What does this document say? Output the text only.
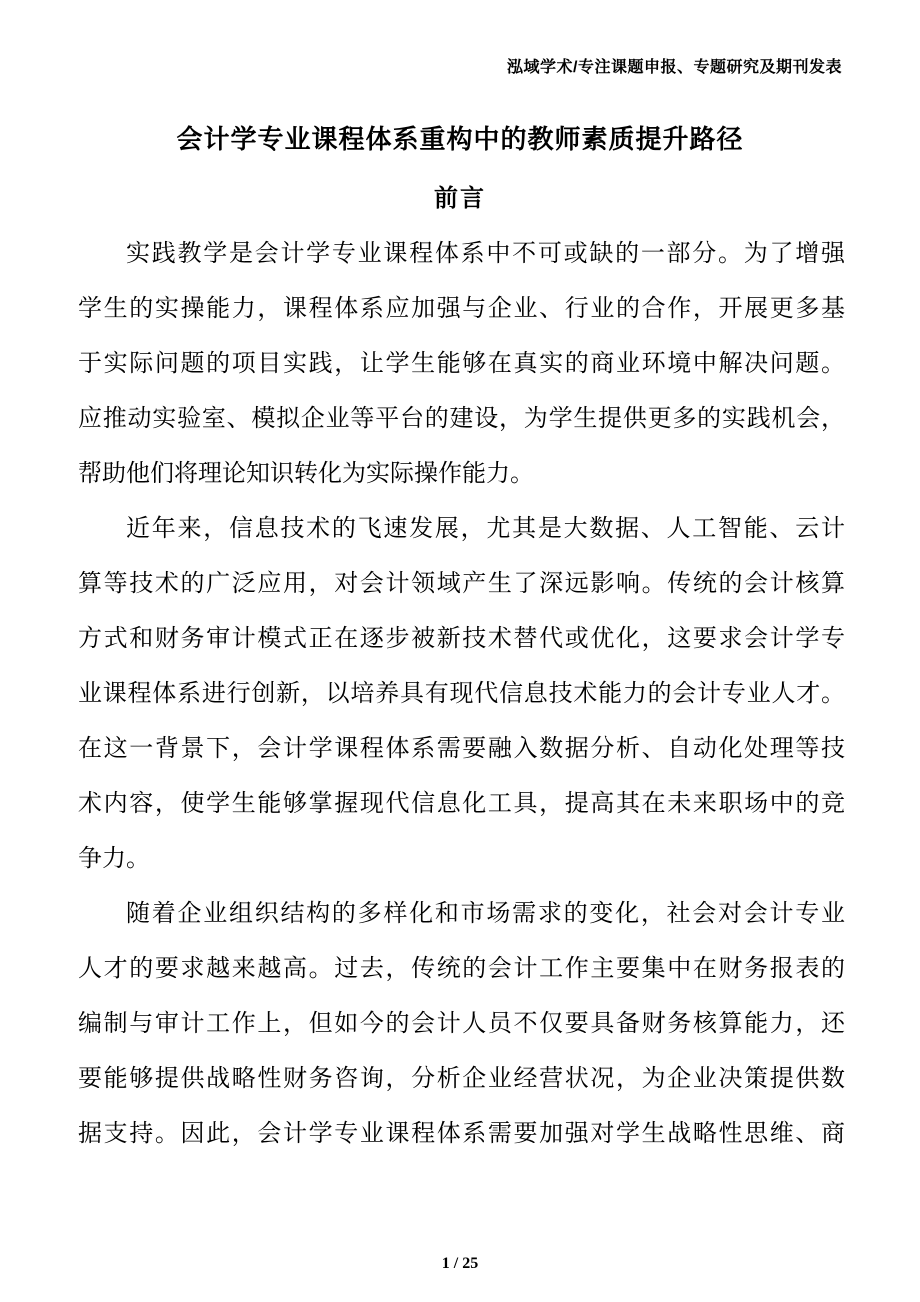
泓域学术/专注课题申报、专题研究及期刊发表
会计学专业课程体系重构中的教师素质提升路径
前言
实践教学是会计学专业课程体系中不可或缺的一部分。为了增强
学生的实操能力，课程体系应加强与企业、行业的合作，开展更多基
于实际问题的项目实践，让学生能够在真实的商业环境中解决问题。
应推动实验室、模拟企业等平台的建设，为学生提供更多的实践机会，
帮助他们将理论知识转化为实际操作能力。
近年来，信息技术的飞速发展，尤其是大数据、人工智能、云计
算等技术的广泛应用，对会计领域产生了深远影响。传统的会计核算
方式和财务审计模式正在逐步被新技术替代或优化，这要求会计学专
业课程体系进行创新，以培养具有现代信息技术能力的会计专业人才。
在这一背景下，会计学课程体系需要融入数据分析、自动化处理等技
术内容，使学生能够掌握现代信息化工具，提高其在未来职场中的竞
争力。
随着企业组织结构的多样化和市场需求的变化，社会对会计专业
人才的要求越来越高。过去，传统的会计工作主要集中在财务报表的
编制与审计工作上，但如今的会计人员不仅要具备财务核算能力，还
要能够提供战略性财务咨询，分析企业经营状况，为企业决策提供数
据支持。因此，会计学专业课程体系需要加强对学生战略性思维、商
1 / 25
